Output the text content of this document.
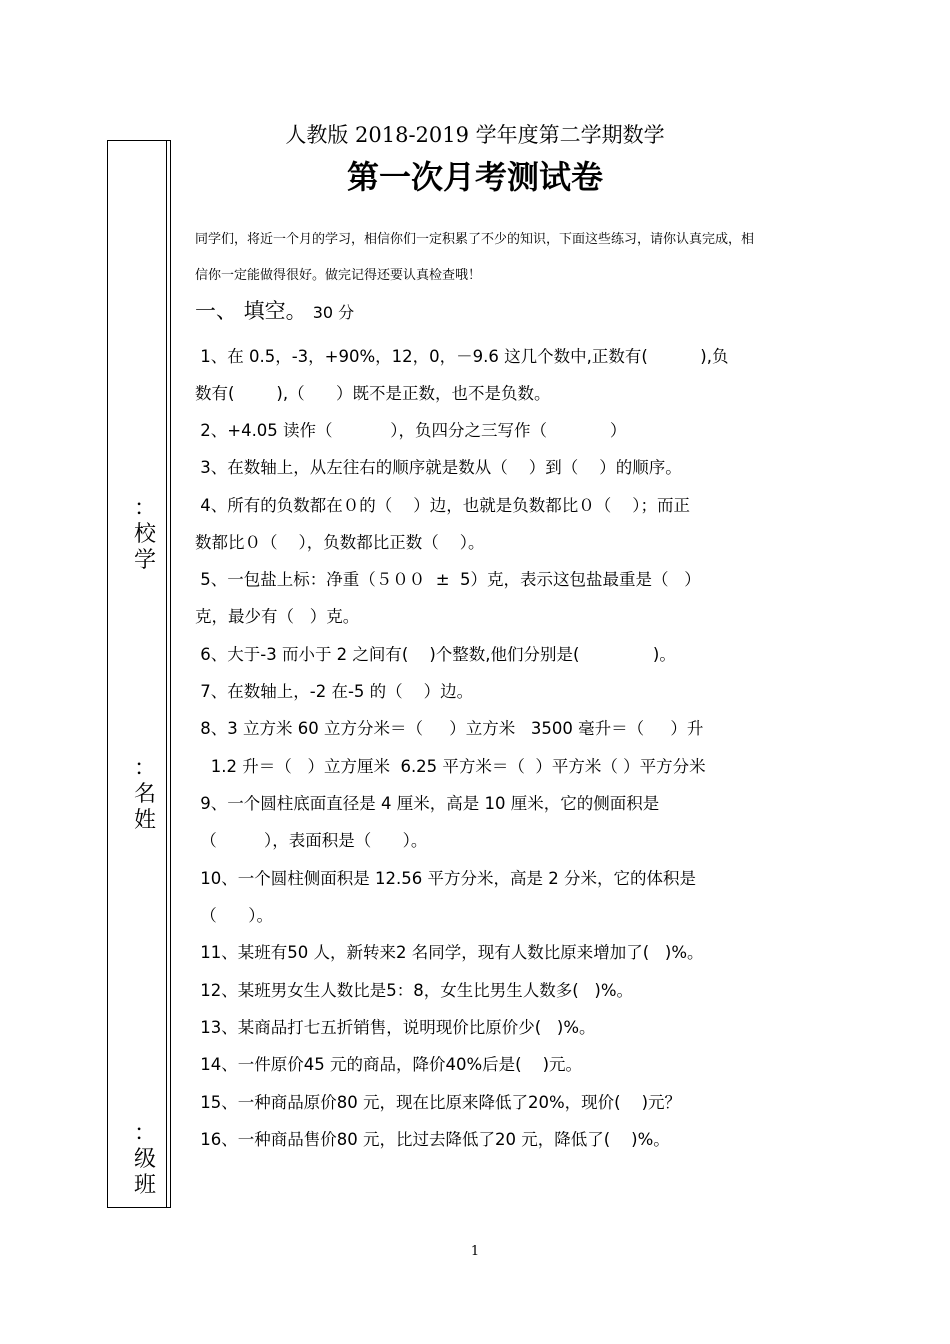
：
校
学
：
名
姓
：
级
班
人教版 2018-2019 学年度第二学期数学
第一次月考测试卷
同学们，将近一个月的学习，相信你们一定积累了不少的知识，下面这些练习，请你认真完成，相
信你一定能做得很好。做完记得还要认真检查哦！
一、 填空。 30 分
1、在 0.5，-3，+90%，12，0，－9.6 这几个数中,正数有(          ),负
数有(        ),（      ）既不是正数，也不是负数。
2、+4.05 读作（           ），负四分之三写作（            ）
3、在数轴上，从左往右的顺序就是数从（    ）到（    ）的顺序。
4、所有的负数都在０的（    ）边，也就是负数都比０（    ）；而正
数都比０（    ），负数都比正数（    ）。
5、一包盐上标：净重（５００  ±  5）克，表示这包盐最重是（   ）
克，最少有（   ）克。
6、大于-3 而小于 2 之间有(    )个整数,他们分别是(              )。
7、在数轴上，-2 在-5 的（    ）边。
8、3 立方米 60 立方分米＝（     ）立方米   3500 毫升＝（     ）升
1.2 升＝（   ）立方厘米  6.25 平方米＝（  ）平方米（ ）平方分米
9、一个圆柱底面直径是 4 厘米，高是 10 厘米，它的侧面积是
（         ），表面积是（      ）。
10、一个圆柱侧面积是 12.56 平方分米，高是 2 分米，它的体积是
（      ）。
11、某班有50 人，新转来2 名同学，现有人数比原来增加了(   )%。
12、某班男女生人数比是5：8，女生比男生人数多(   )%。
13、某商品打七五折销售，说明现价比原价少(   )%。
14、一件原价45 元的商品，降价40%后是(    )元。
15、一种商品原价80 元，现在比原来降低了20%，现价(    )元？
16、一种商品售价80 元，比过去降低了20 元，降低了(    )%。
1
